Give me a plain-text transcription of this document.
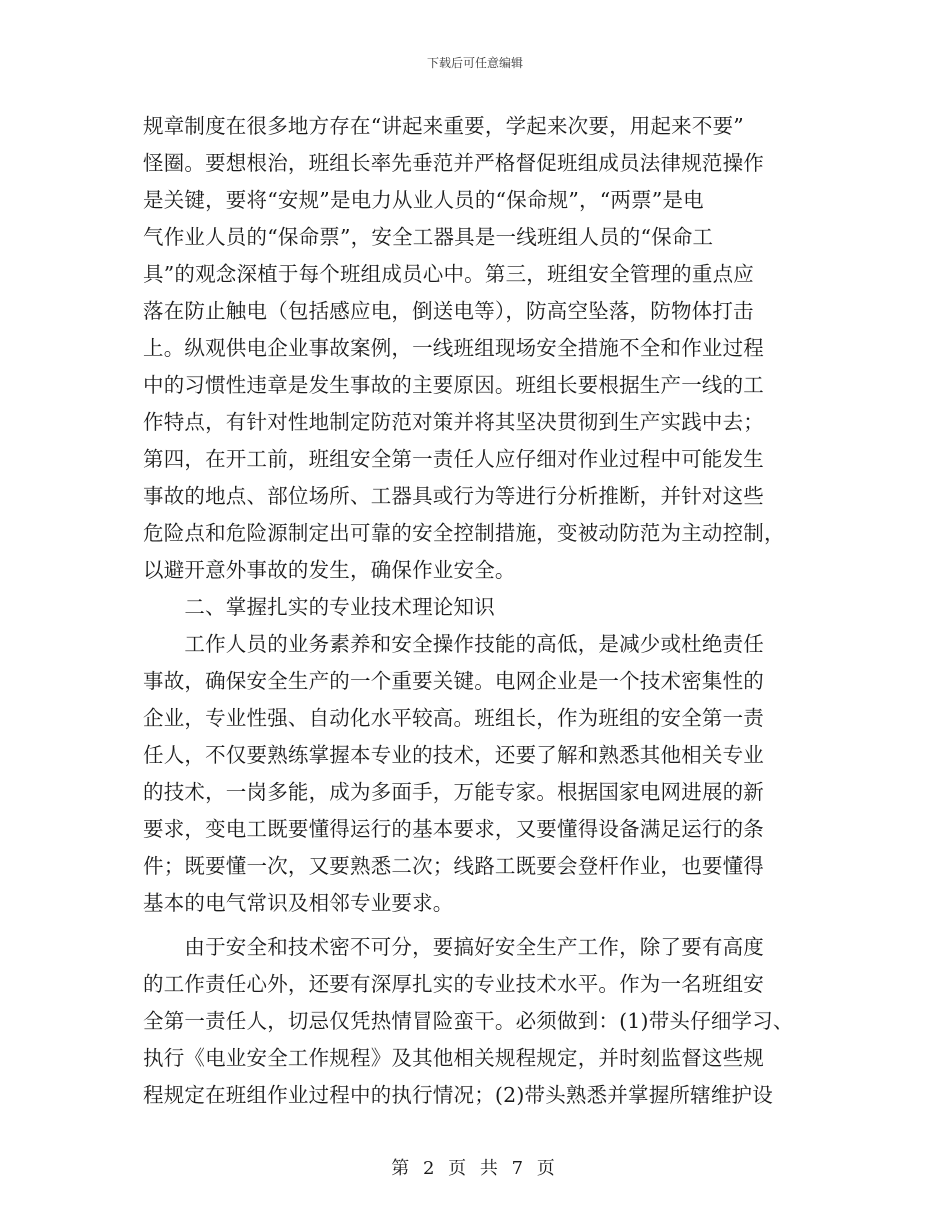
下载后可任意编辑
规章制度在很多地方存在“讲起来重要，学起来次要，用起来不要”
怪圈。要想根治，班组长率先垂范并严格督促班组成员法律规范操作
是关键，要将“安规”是电力从业人员的“保命规”，“两票”是电
气作业人员的“保命票”，安全工器具是一线班组人员的“保命工
具”的观念深植于每个班组成员心中。第三，班组安全管理的重点应
落在防止触电（包括感应电，倒送电等），防高空坠落，防物体打击
上。纵观供电企业事故案例，一线班组现场安全措施不全和作业过程
中的习惯性违章是发生事故的主要原因。班组长要根据生产一线的工
作特点，有针对性地制定防范对策并将其坚决贯彻到生产实践中去；
第四，在开工前，班组安全第一责任人应仔细对作业过程中可能发生
事故的地点、部位场所、工器具或行为等进行分析推断，并针对这些
危险点和危险源制定出可靠的安全控制措施，变被动防范为主动控制，
以避开意外事故的发生，确保作业安全。
　　二、掌握扎实的专业技术理论知识
　　工作人员的业务素养和安全操作技能的高低，是减少或杜绝责任
事故，确保安全生产的一个重要关键。电网企业是一个技术密集性的
企业，专业性强、自动化水平较高。班组长，作为班组的安全第一责
任人，不仅要熟练掌握本专业的技术，还要了解和熟悉其他相关专业
的技术，一岗多能，成为多面手，万能专家。根据国家电网进展的新
要求，变电工既要懂得运行的基本要求，又要懂得设备满足运行的条
件；既要懂一次，又要熟悉二次；线路工既要会登杆作业，也要懂得
基本的电气常识及相邻专业要求。
　　由于安全和技术密不可分，要搞好安全生产工作，除了要有高度
的工作责任心外，还要有深厚扎实的专业技术水平。作为一名班组安
全第一责任人，切忌仅凭热情冒险蛮干。必须做到：(1)带头仔细学习、
执行《电业安全工作规程》及其他相关规程规定，并时刻监督这些规
程规定在班组作业过程中的执行情况；(2)带头熟悉并掌握所辖维护设
第 2 页 共 7 页
